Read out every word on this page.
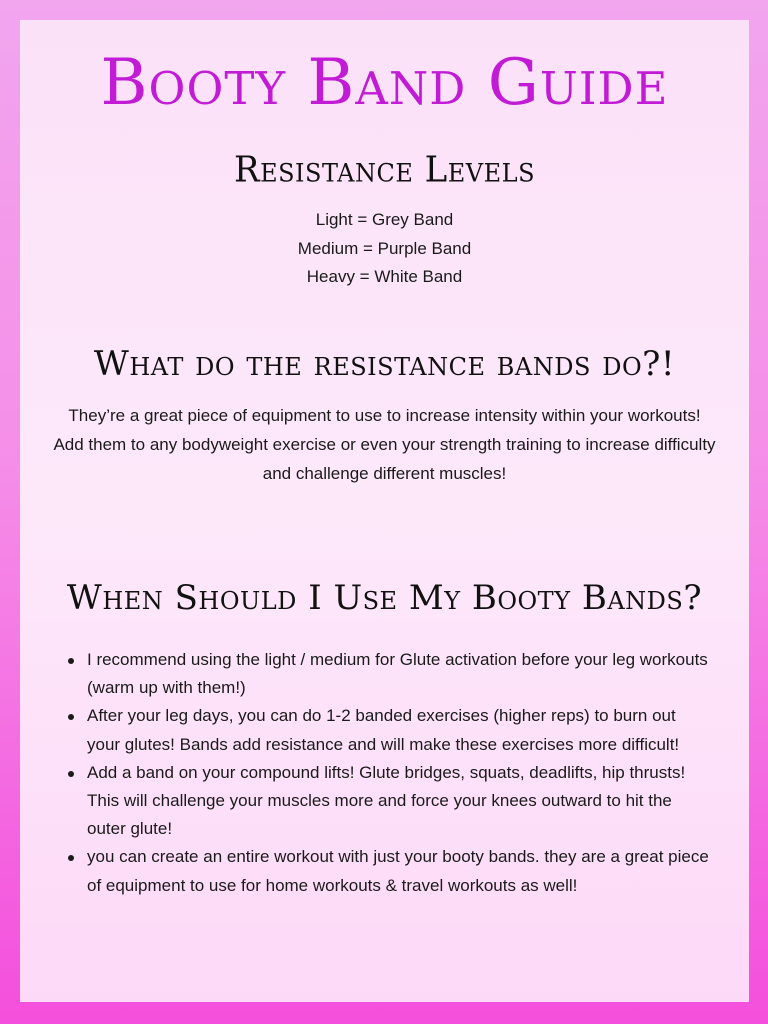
Booty Band Guide
Resistance Levels
Light = Grey Band
Medium = Purple Band
Heavy = White Band
What do the resistance bands do?!

They’re a great piece of equipment to use to increase intensity within your workouts!

Add them to any bodyweight exercise or even your strength training to increase difficulty and challenge different muscles!

When Should I Use My Booty Bands?
I recommend using the light / medium for Glute activation before your leg workouts (warm up with them!)
After your leg days, you can do 1-2 banded exercises (higher reps) to burn out your glutes! Bands add resistance and will make these exercises more difficult!
Add a band on your compound lifts! Glute bridges, squats, deadlifts, hip thrusts! This will challenge your muscles more and force your knees outward to hit the outer glute!
you can create an entire workout with just your booty bands. they are a great piece of equipment to use for home workouts & travel workouts as well!
